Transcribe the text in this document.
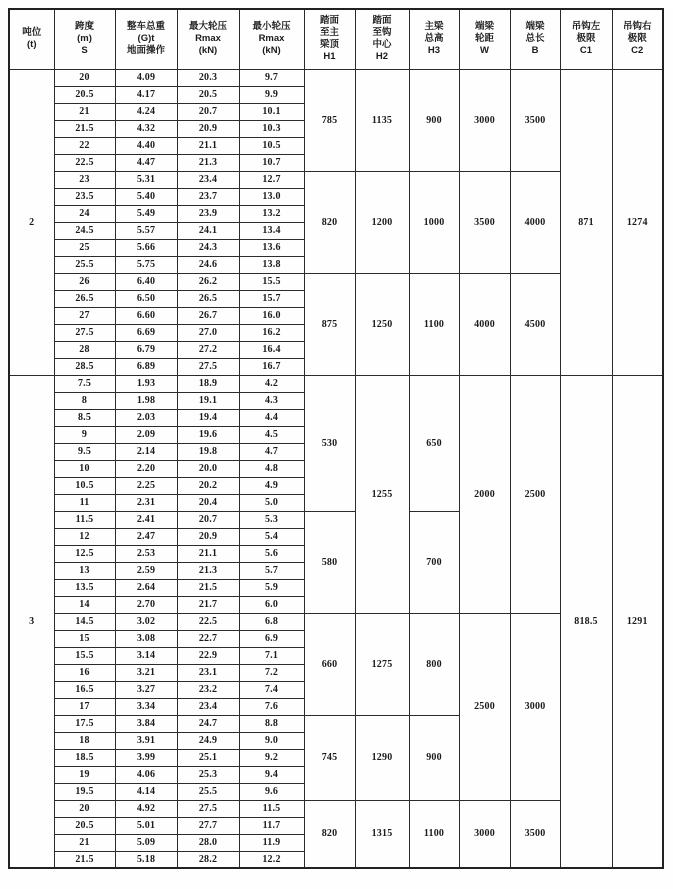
吨位
(t)

跨度
(m)
S

整车总重
(G)t
地面操作

最大轮压
Rmax
(kN)

最小轮压
Rmax
(kN)

踏面
至主
梁顶
H1

踏面
至钩
中心
H2

主梁
总高
H3

端梁
轮距
W

端梁
总长
B

吊钩左
极限
C1

吊钩右
极限
C2

2	20	4.09	20.3	9.7	785	1135	900	3000	3500	871	1274
	20.5	4.17	20.5	9.9							
	21	4.24	20.7	10.1							
	21.5	4.32	20.9	10.3							
	22	4.40	21.1	10.5							
	22.5	4.47	21.3	10.7							
	23	5.31	23.4	12.7	820	1200	1000	3500	4000		
	23.5	5.40	23.7	13.0							
	24	5.49	23.9	13.2							
	24.5	5.57	24.1	13.4							
	25	5.66	24.3	13.6							
	25.5	5.75	24.6	13.8							
	26	6.40	26.2	15.5	875	1250	1100	4000	4500		
	26.5	6.50	26.5	15.7							
	27	6.60	26.7	16.0							
	27.5	6.69	27.0	16.2							
	28	6.79	27.2	16.4							
	28.5	6.89	27.5	16.7							
3	7.5	1.93	18.9	4.2	530	1255	650	2000	2500	818.5	1291
	8	1.98	19.1	4.3							
	8.5	2.03	19.4	4.4							
	9	2.09	19.6	4.5							
	9.5	2.14	19.8	4.7							
	10	2.20	20.0	4.8							
	10.5	2.25	20.2	4.9							
	11	2.31	20.4	5.0							
	11.5	2.41	20.7	5.3	580		700				
	12	2.47	20.9	5.4							
	12.5	2.53	21.1	5.6							
	13	2.59	21.3	5.7							
	13.5	2.64	21.5	5.9							
	14	2.70	21.7	6.0							
	14.5	3.02	22.5	6.8	660	1275	800	2500	3000		
	15	3.08	22.7	6.9							
	15.5	3.14	22.9	7.1							
	16	3.21	23.1	7.2							
	16.5	3.27	23.2	7.4							
	17	3.34	23.4	7.6							
	17.5	3.84	24.7	8.8	745	1290	900				
	18	3.91	24.9	9.0							
	18.5	3.99	25.1	9.2							
	19	4.06	25.3	9.4							
	19.5	4.14	25.5	9.6							
	20	4.92	27.5	11.5	820	1315	1100	3000	3500		
	20.5	5.01	27.7	11.7							
	21	5.09	28.0	11.9							
	21.5	5.18	28.2	12.2							
